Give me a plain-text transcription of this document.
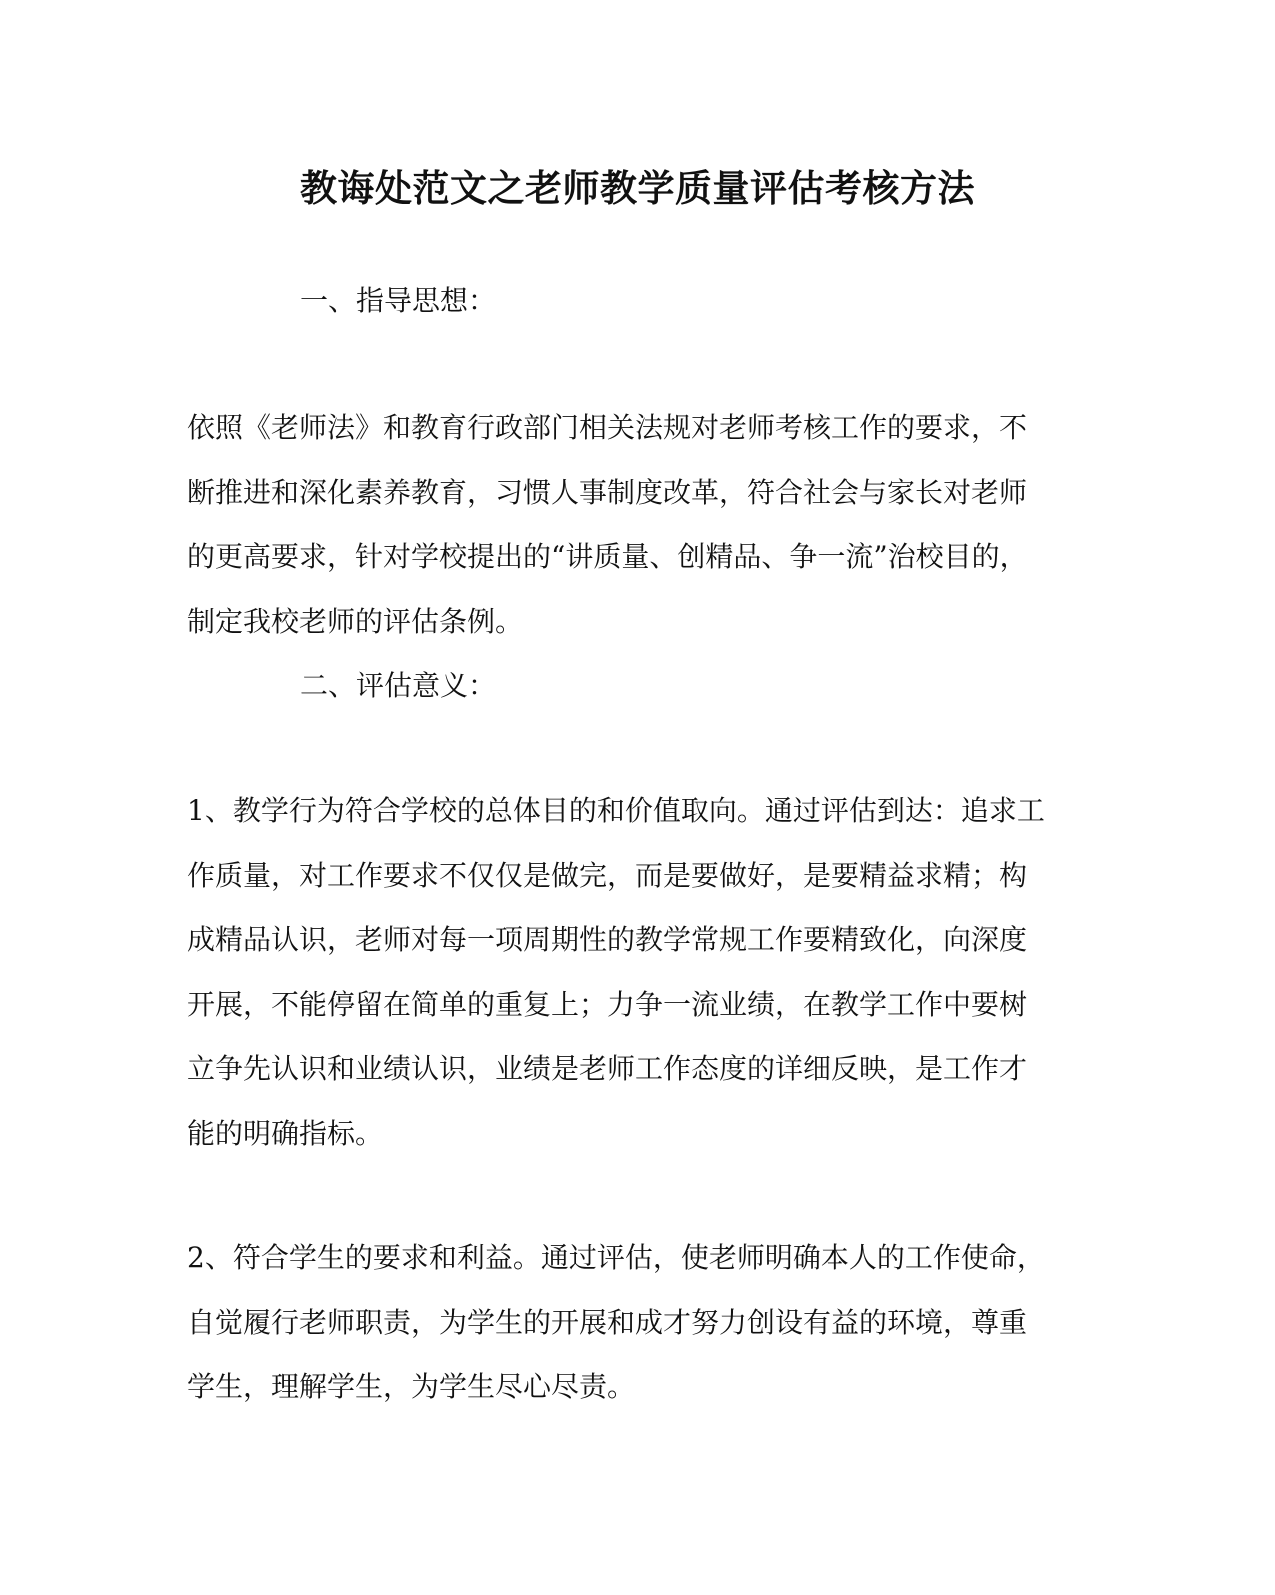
教诲处范文之老师教学质量评估考核方法
一、指导思想：
依照《老师法》和教育行政部门相关法规对老师考核工作的要求，不
断推进和深化素养教育，习惯人事制度改革，符合社会与家长对老师
的更高要求，针对学校提出的“讲质量、创精品、争一流”治校目的，
制定我校老师的评估条例。
二、评估意义：
1、教学行为符合学校的总体目的和价值取向。通过评估到达：追求工
作质量，对工作要求不仅仅是做完，而是要做好，是要精益求精；构
成精品认识，老师对每一项周期性的教学常规工作要精致化，向深度
开展，不能停留在简单的重复上；力争一流业绩，在教学工作中要树
立争先认识和业绩认识，业绩是老师工作态度的详细反映，是工作才
能的明确指标。
2、符合学生的要求和利益。通过评估，使老师明确本人的工作使命，
自觉履行老师职责，为学生的开展和成才努力创设有益的环境，尊重
学生，理解学生，为学生尽心尽责。
